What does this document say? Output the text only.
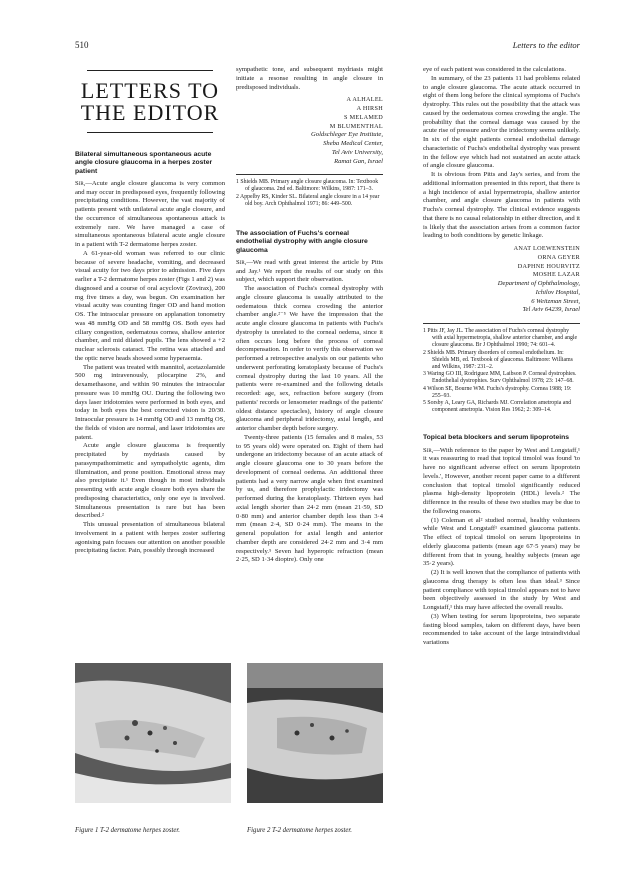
510	Letters to the editor
LETTERS TO
THE EDITOR
Bilateral simultaneous spontaneous acute angle closure glaucoma in a herpes zoster patient

Sir,—Acute angle closure glaucoma is very common and may occur in predisposed eyes, frequently following precipitating conditions. However, the vast majority of patients present with unilateral acute angle closure, and the occurrence of simultaneous spontaneous attack is extremely rare. We have managed a case of simultaneous spontaneous bilateral acute angle closure in a patient with T-2 dermatome herpes zoster.

A 61-year-old woman was referred to our clinic because of severe headache, vomiting, and decreased visual acuity for two days prior to admission. Five days earlier a T-2 dermatome herpes zoster (Figs 1 and 2) was diagnosed and a course of oral acyclovir (Zovirax), 200 mg five times a day, was begun. On examination her visual acuity was counting finger OD and hand motion OS. The intraocular pressure on applanation tonometry was 48 mmHg OD and 58 mmHg OS. Both eyes had ciliary congestion, oedematous cornea, shallow anterior chamber, and mid dilated pupils. The lens showed a +2 nuclear sclerosis cataract. The retina was attached and the optic nerve heads showed some hyperaemia.

The patient was treated with mannitol, acetazolamide 500 mg intravenously, pilocarpine 2%, and dexamethasone, and within 90 minutes the intraocular pressure was 10 mmHg OU. During the following two days laser iridotomies were performed in both eyes, and today in both eyes the best corrected vision is 20/30. Intraocular pressure is 14 mmHg OD and 13 mmHg OS, the fields of vision are normal, and laser iridotomies are patent.

Acute angle closure glaucoma is frequently precipitated by mydriasis caused by parasympathomimetic and sympatholytic agents, dim illumination, and prone position. Emotional stress may also precipitate it.¹ Even though in most individuals presenting with acute angle closure both eyes share the predisposing characteristics, only one eye is involved. Simultaneous presentation is rare but has been described.²

This unusual presentation of simultaneous bilateral involvement in a patient with herpes zoster suffering agonising pain focuses our attention on another possible precipitating factor. Pain, possibly through increased

sympathetic tone, and subsequent mydriasis might initiate a resonse resulting in angle closure in predisposed individuals.

A ALHALEL
A HIRSH
S MELAMED
M BLUMENTHAL
Goldschleger Eye Institute,
Sheba Medical Center,
Tel Aviv University,
Ramat Gan, Israel
1 Shields MB. Primary angle closure glaucoma. In: Textbook of glaucoma. 2nd ed. Baltimore: Wilkins, 1987: 171–3.
2 Appelby RS, Kinder SL. Bilateral angle closure in a 14 year old boy. Arch Ophthalmol 1971; 86: 449–500.
The association of Fuchs's corneal endothelial dystrophy with angle closure glaucoma

Sir,—We read with great interest the article by Pitts and Jay.¹ We report the results of our study on this subject, which support their observation.

The association of Fuchs's corneal dystrophy with angle closure glaucoma is usually attributed to the oedematous thick cornea crowding the anterior chamber angle.²⁻⁵ We have the impression that the acute angle closure glaucoma in patients with Fuchs's dystrophy is unrelated to the corneal oedema, since it often occurs long before the process of corneal decompensation. In order to verify this observation we performed a retrospective analysis on our patients who underwent perforating keratoplasty because of Fuchs's corneal dystrophy during the last 10 years. All the patients were re-examined and the following details recorded: age, sex, refraction before surgery (from patients' records or lensometer readings of the patients' oldest distance spectacles), history of angle closure glaucoma and peripheral iridectomy, axial length, and anterior chamber depth before surgery.

Twenty-three patients (15 females and 8 males, 53 to 95 years old) were operated on. Eight of them had undergone an iridectomy because of an acute attack of angle closure glaucoma one to 30 years before the development of corneal oedema. An additional three patients had a very narrow angle when first examined by us, and therefore prophylactic iridectomy was performed during the keratoplasty. Thirteen eyes had axial length shorter than 24·2 mm (mean 21·59, SD 0·80 mm) and anterior chamber depth less than 3·4 mm (mean 2·4, SD 0·24 mm). The means in the general population for axial length and anterior chamber depth are considered 24·2 mm and 3·4 mm respectively.⁵ Seven had hyperopic refraction (mean 2·25, SD 1·34 dioptre). Only one

eye of each patient was considered in the calculations.

In summary, of the 23 patients 11 had problems related to angle closure glaucoma. The acute attack occurred in eight of them long before the clinical symptoms of Fuchs's dystrophy. This rules out the possibility that the attack was caused by the oedematous cornea crowding the angle. The probability that the corneal damage was caused by the acute rise of pressure and/or the iridectomy seems unlikely. In six of the eight patients corneal endothelial damage characteristic of Fuchs's endothelial dystrophy was present in the fellow eye which had not sustained an acute attack of angle closure glaucoma.

It is obvious from Pitts and Jay's series, and from the additional information presented in this report, that there is a high incidence of axial hypermetropia, shallow anterior chamber, and angle closure glaucoma in patients with Fuchs's corneal dystrophy. The clinical evidence suggests that there is no causal relationship in either direction, and it is likely that the association arises from a common factor leading to both conditions by genetic linkage.

ANAT LOEWENSTEIN
ORNA GEYER
DAPHNE HOURVITZ
MOSHE LAZAR
Department of Ophthalmology,
Ichilov Hospital,
6 Weitzman Street,
Tel Aviv 64239, Israel
1 Pitts JF, Jay JL. The association of Fuchs's corneal dystrophy with axial hypermetropia, shallow anterior chamber, and angle closure glaucoma. Br J Ophthalmol 1990; 74: 601–4.
2 Shields MB. Primary disorders of corneal endothelium. In: Shields MB, ed. Textbook of glaucoma. Baltimore: Williams and Wilkins, 1987: 231–2.
3 Waring GO III, Rodriguez MM, Laibson P. Corneal dystrophies. Endothelial dystrophies. Surv Ophthalmol 1978; 23: 147–68.
4 Wilson SE, Bourne WM. Fuchs's dystrophy. Cornea 1988; 19: 255–93.
5 Sorsby A, Leary GA, Richards MJ. Correlation ametropia and component ametropia. Vision Res 1962; 2: 309–14.
Topical beta blockers and serum lipoproteins

Sir,—With reference to the paper by West and Longstaff,¹ it was reassuring to read that topical timolol was found 'to have no significant adverse effect on serum lipoprotein levels.', However, another recent paper came to a different conclusion that topical timolol significantly reduced plasma high-density lipoprotein (HDL) levels.² The difference in the results of these two studies may be due to the following reasons.

(1) Coleman et al² studied normal, healthy volunteers while West and Longstaff¹ examined glaucoma patients. The effect of topical timolol on serum lipoproteins in elderly glaucoma patients (mean age 67·5 years) may be different from that in young, healthy subjects (mean age 35·2 years).

(2) It is well known that the compliance of patients with glaucoma drug therapy is often less than ideal.³ Since patient compliance with topical timolol appears not to have been objectively assessed in the study by West and Longstaff,¹ this may have affected the overall results.

(3) When testing for serum lipoproteins, two separate fasting blood samples, taken on different days, have been recommended to take account of the large intraindividual variations

Figure 1 T-2 dermatome herpes zoster.	Figure 2 T-2 dermatome herpes zoster.
